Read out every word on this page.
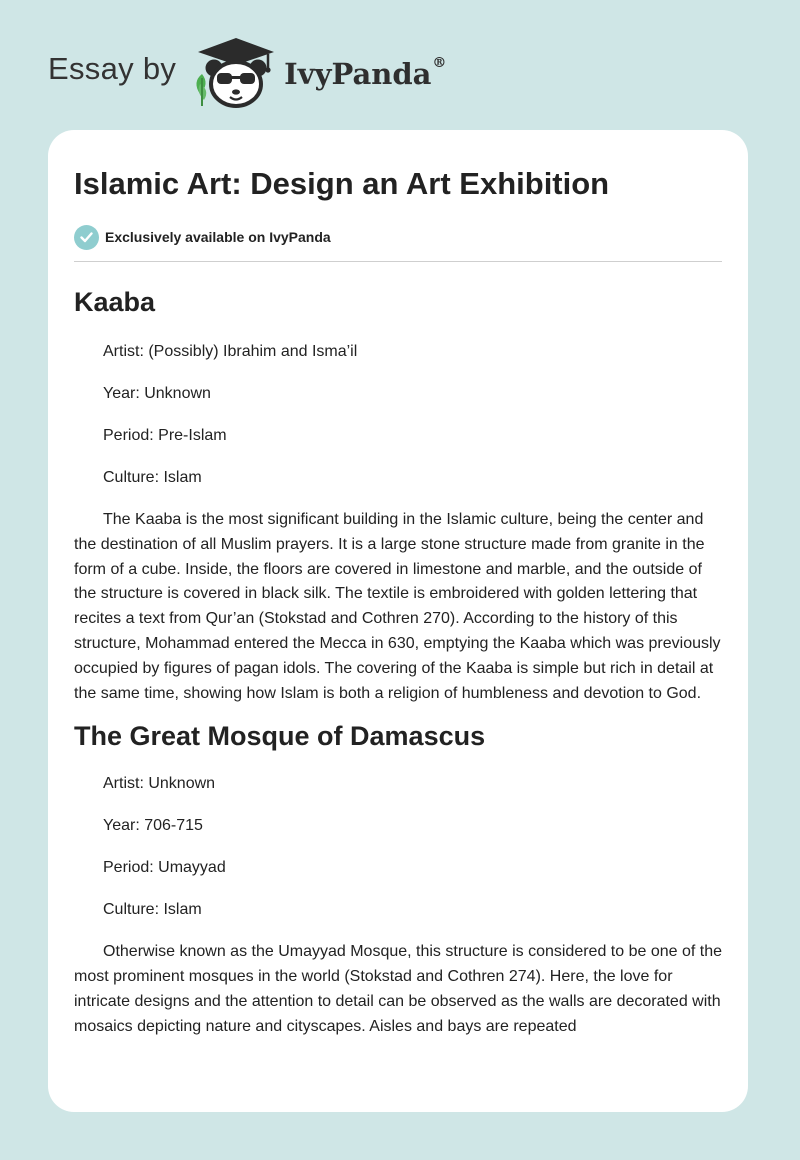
Essay by	IvyPanda®
Islamic Art: Design an Art Exhibition
Exclusively available on IvyPanda
Kaaba

Artist: (Possibly) Ibrahim and Isma’il

Year: Unknown

Period: Pre-Islam

Culture: Islam

The Kaaba is the most significant building in the Islamic culture, being the center and the destination of all Muslim prayers. It is a large stone structure made from granite in the form of a cube. Inside, the floors are covered in limestone and marble, and the outside of the structure is covered in black silk. The textile is embroidered with golden lettering that recites a text from Qur’an (Stokstad and Cothren 270). According to the history of this structure, Mohammad entered the Mecca in 630, emptying the Kaaba which was previously occupied by figures of pagan idols. The covering of the Kaaba is simple but rich in detail at the same time, showing how Islam is both a religion of humbleness and devotion to God.

The Great Mosque of Damascus

Artist: Unknown

Year: 706-715

Period: Umayyad

Culture: Islam

Otherwise known as the Umayyad Mosque, this structure is considered to be one of the most prominent mosques in the world (Stokstad and Cothren 274). Here, the love for intricate designs and the attention to detail can be observed as the walls are decorated with mosaics depicting nature and cityscapes. Aisles and bays are repeated
